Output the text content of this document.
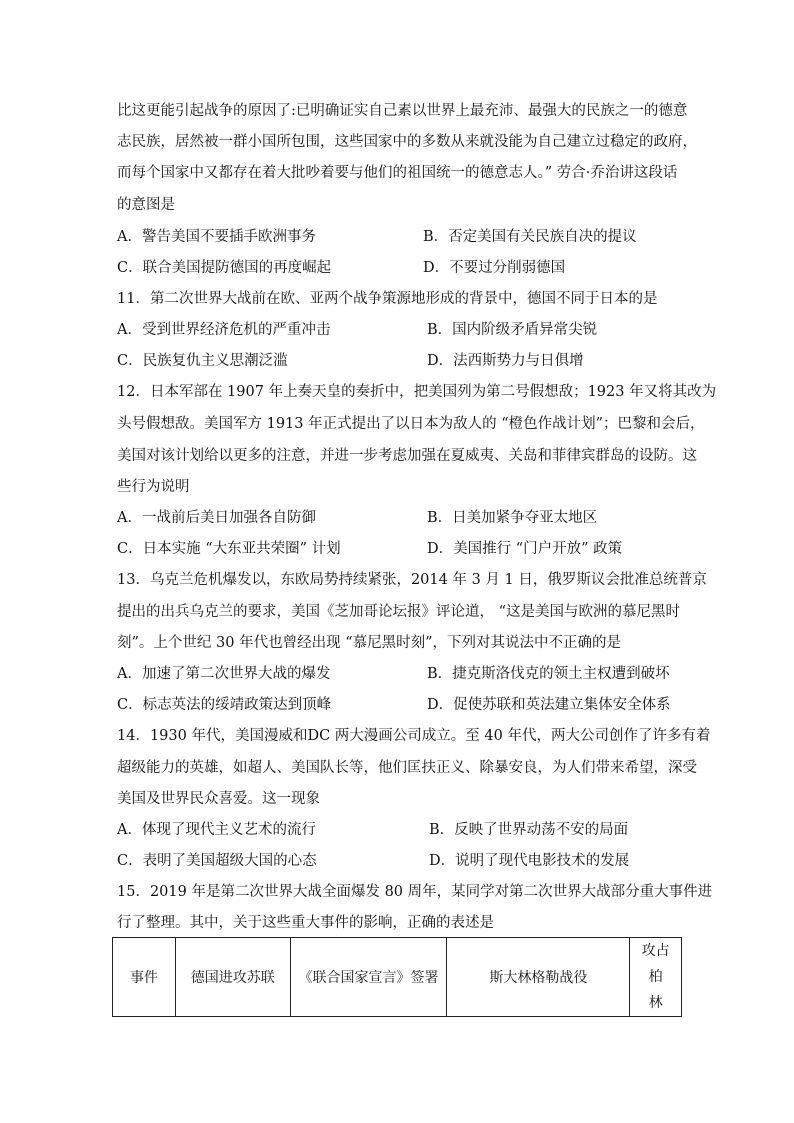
比这更能引起战争的原因了:已明确证实自己素以世界上最充沛、最强大的民族之一的德意
志民族，居然被一群小国所包围，这些国家中的多数从来就没能为自己建立过稳定的政府，
而每个国家中又都存在着大批吵着要与他们的祖国统一的德意志人。” 劳合·乔治讲这段话
的意图是
A．警告美国不要插手欧洲事务	B．否定美国有关民族自决的提议
C．联合美国提防德国的再度崛起	D．不要过分削弱德国
11．第二次世界大战前在欧、亚两个战争策源地形成的背景中，德国不同于日本的是
A．受到世界经济危机的严重冲击	B．国内阶级矛盾异常尖锐
C．民族复仇主义思潮泛滥	D．法西斯势力与日俱增
12．日本军部在 1907 年上奏天皇的奏折中，把美国列为第二号假想敌；1923 年又将其改为
头号假想敌。美国军方 1913 年正式提出了以日本为敌人的 “橙色作战计划”；巴黎和会后，
美国对该计划给以更多的注意，并进一步考虑加强在夏威夷、关岛和菲律宾群岛的设防。这
些行为说明
A．一战前后美日加强各自防御	B．日美加紧争夺亚太地区
C．日本实施 “大东亚共荣圈” 计划	D．美国推行 “门户开放” 政策
13．乌克兰危机爆发以，东欧局势持续紧张，2014 年 3 月 1 日，俄罗斯议会批准总统普京
提出的出兵乌克兰的要求，美国《芝加哥论坛报》评论道， “这是美国与欧洲的慕尼黑时
刻”。上个世纪 30 年代也曾经出现 “慕尼黑时刻”，下列对其说法中不正确的是
A．加速了第二次世界大战的爆发	B．捷克斯洛伐克的领土主权遭到破坏
C．标志英法的绥靖政策达到顶峰	D．促使苏联和英法建立集体安全体系
14．1930 年代，美国漫威和DC 两大漫画公司成立。至 40 年代，两大公司创作了许多有着
超级能力的英雄，如超人、美国队长等，他们匡扶正义、除暴安良，为人们带来希望，深受
美国及世界民众喜爱。这一现象
A．体现了现代主义艺术的流行	B．反映了世界动荡不安的局面
C．表明了美国超级大国的心态	D．说明了现代电影技术的发展
15．2019 年是第二次世界大战全面爆发 80 周年，某同学对第二次世界大战部分重大事件进
行了整理。其中，关于这些重大事件的影响，正确的表述是
事件	德国进攻苏联	《联合国家宣言》签署	斯大林格勒战役	攻占柏
林
